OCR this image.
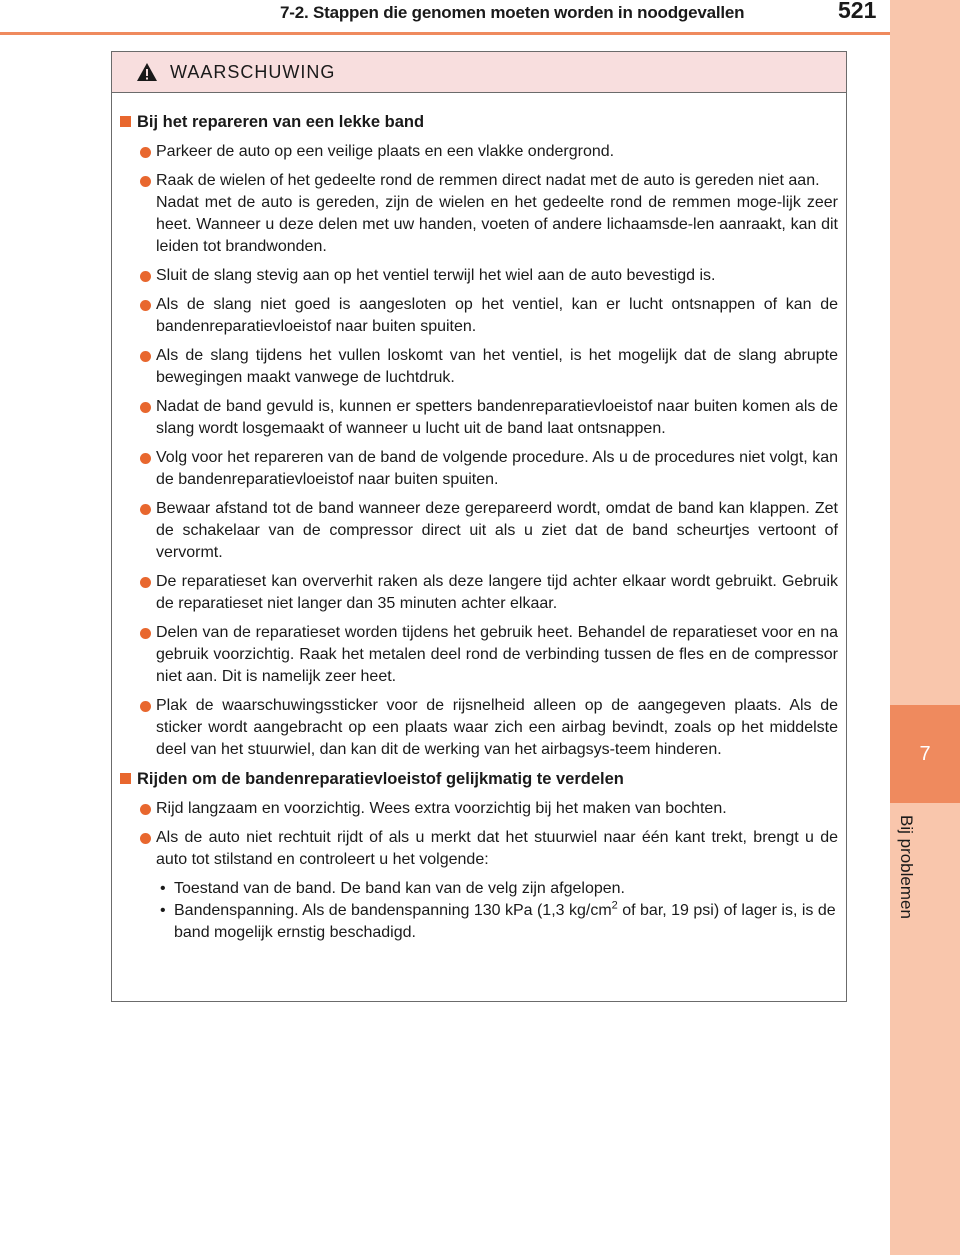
7-2. Stappen die genomen moeten worden in noodgevallen	521
7
Bij problemen
WAARSCHUWING
Bij het repareren van een lekke band

Parkeer de auto op een veilige plaats en een vlakke ondergrond.

Raak de wielen of het gedeelte rond de remmen direct nadat met de auto is gereden niet aan.

Nadat met de auto is gereden, zijn de wielen en het gedeelte rond de remmen moge-lijk zeer heet. Wanneer u deze delen met uw handen, voeten of andere lichaamsde-len aanraakt, kan dit leiden tot brandwonden.

Sluit de slang stevig aan op het ventiel terwijl het wiel aan de auto bevestigd is.

Als de slang niet goed is aangesloten op het ventiel, kan er lucht ontsnappen of kan de bandenreparatievloeistof naar buiten spuiten.

Als de slang tijdens het vullen loskomt van het ventiel, is het mogelijk dat de slang abrupte bewegingen maakt vanwege de luchtdruk.

Nadat de band gevuld is, kunnen er spetters bandenreparatievloeistof naar buiten komen als de slang wordt losgemaakt of wanneer u lucht uit de band laat ontsnappen.

Volg voor het repareren van de band de volgende procedure. Als u de procedures niet volgt, kan de bandenreparatievloeistof naar buiten spuiten.

Bewaar afstand tot de band wanneer deze gerepareerd wordt, omdat de band kan klappen. Zet de schakelaar van de compressor direct uit als u ziet dat de band scheurtjes vertoont of vervormt.

De reparatieset kan oververhit raken als deze langere tijd achter elkaar wordt gebruikt. Gebruik de reparatieset niet langer dan 35 minuten achter elkaar.

Delen van de reparatieset worden tijdens het gebruik heet. Behandel de reparatieset voor en na gebruik voorzichtig. Raak het metalen deel rond de verbinding tussen de fles en de compressor niet aan. Dit is namelijk zeer heet.

Plak de waarschuwingssticker voor de rijsnelheid alleen op de aangegeven plaats. Als de sticker wordt aangebracht op een plaats waar zich een airbag bevindt, zoals op het middelste deel van het stuurwiel, dan kan dit de werking van het airbagsys-teem hinderen.

Rijden om de bandenreparatievloeistof gelijkmatig te verdelen

Rijd langzaam en voorzichtig. Wees extra voorzichtig bij het maken van bochten.

Als de auto niet rechtuit rijdt of als u merkt dat het stuurwiel naar één kant trekt, brengt u de auto tot stilstand en controleert u het volgende:

• Toestand van de band. De band kan van de velg zijn afgelopen.
• Bandenspanning. Als de bandenspanning 130 kPa (1,3 $kg/cm^2$ of bar, 19 psi) of lager is, is de band mogelijk ernstig beschadigd.
